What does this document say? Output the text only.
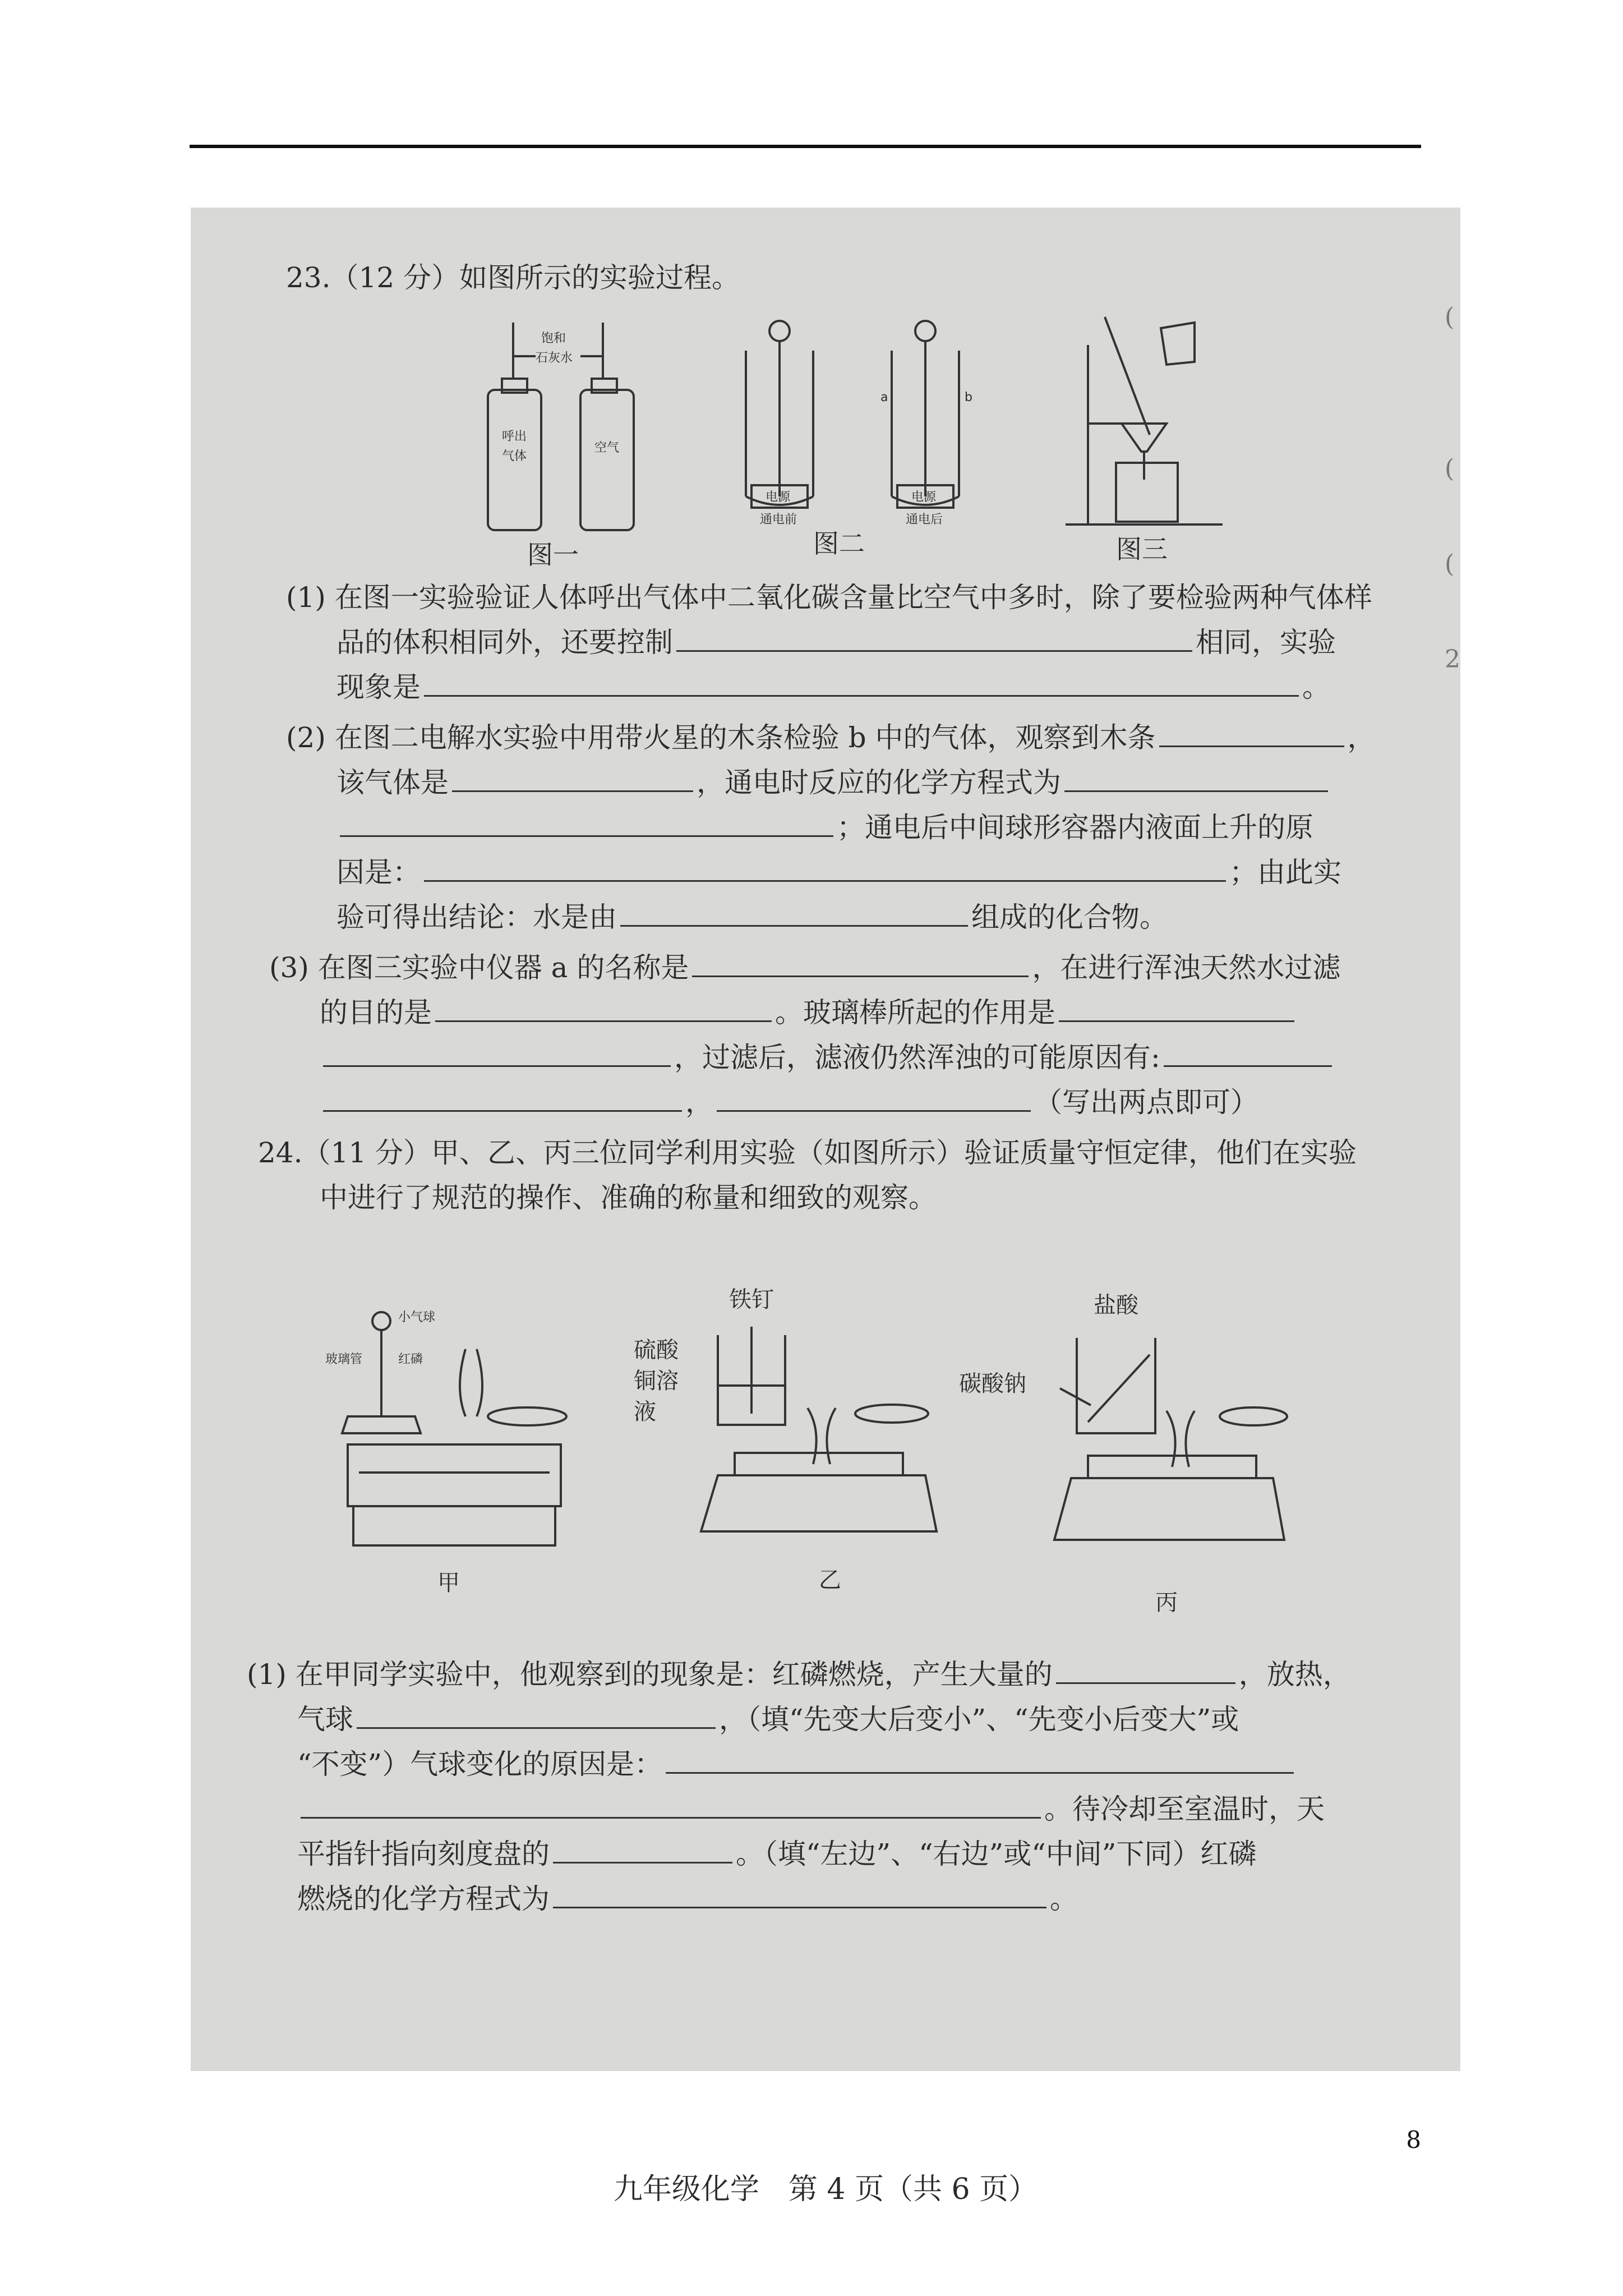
(
(
(
2
23.（12 分）如图所示的实验过程。
饱和
石灰水
呼出
气体
空气
图一
电源
通电前
电源
通电后
a	b
图二	图三
(1) 在图一实验验证人体呼出气体中二氧化碳含量比空气中多时，除了要检验两种气体样
品的体积相同外，还要控制	相同，实验
现象是	。
(2) 在图二电解水实验中用带火星的木条检验 b 中的气体，观察到木条	，
该气体是	，通电时反应的化学方程式为
；通电后中间球形容器内液面上升的原
因是：	；由此实
验可得出结论：水是由	组成的化合物。
(3) 在图三实验中仪器 a 的名称是	，在进行浑浊天然水过滤
的目的是	。玻璃棒所起的作用是
，过滤后，滤液仍然浑浊的可能原因有:
，	（写出两点即可）
24.（11 分）甲、乙、丙三位同学利用实验（如图所示）验证质量守恒定律，他们在实验
中进行了规范的操作、准确的称量和细致的观察。
小气球
玻璃管	红磷
甲
铁钉
硫酸
铜溶
液
乙
盐酸
碳酸钠
丙
(1) 在甲同学实验中，他观察到的现象是：红磷燃烧，产生大量的	，放热，
气球	，（填“先变大后变小”、“先变小后变大”或
“不变”）气球变化的原因是：
。待冷却至室温时，天
平指针指向刻度盘的	。（填“左边”、“右边”或“中间”下同）红磷
燃烧的化学方程式为	。
九年级化学　第 4 页（共 6 页）
8
